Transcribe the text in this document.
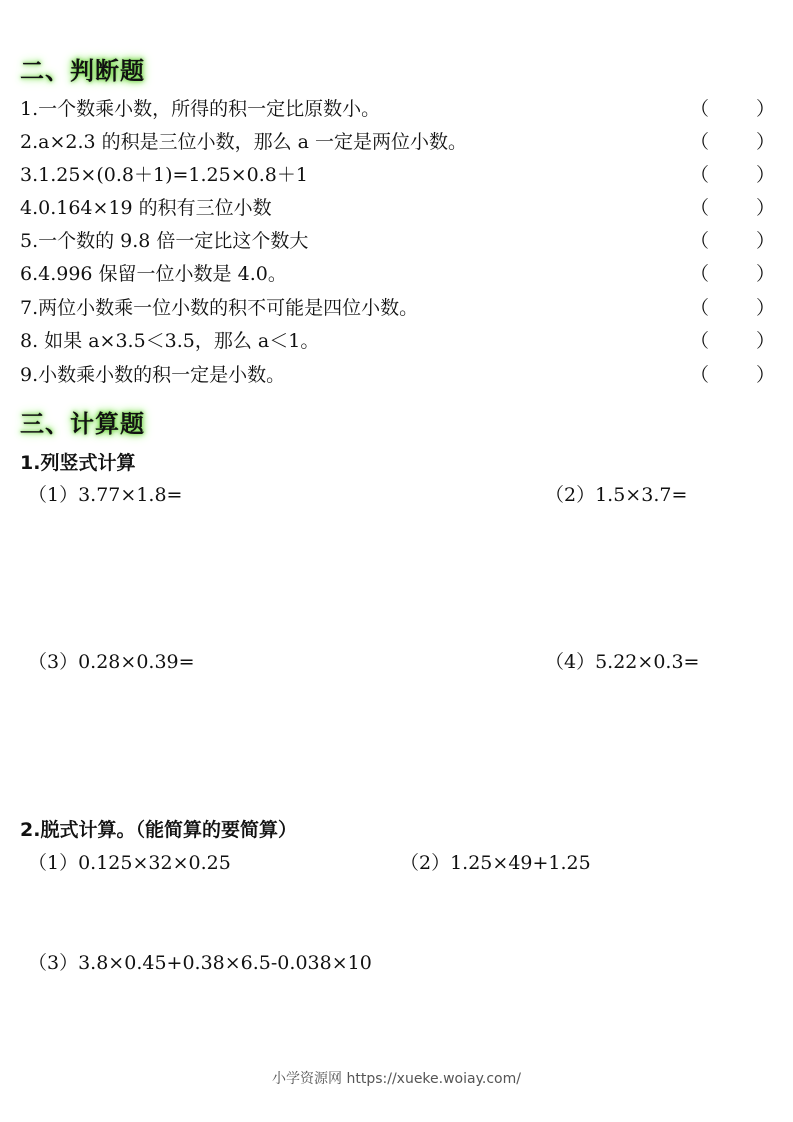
二、判断题
1.一个数乘小数，所得的积一定比原数小。	（ ）
2.a×2.3 的积是三位小数，那么 a 一定是两位小数。	（ ）
3.1.25×(0.8＋1)=1.25×0.8＋1	（ ）
4.0.164×19 的积有三位小数	（ ）
5.一个数的 9.8 倍一定比这个数大	（ ）
6.4.996 保留一位小数是 4.0。	（ ）
7.两位小数乘一位小数的积不可能是四位小数。	（ ）
8. 如果 a×3.5＜3.5，那么 a＜1。	（ ）
9.小数乘小数的积一定是小数。	（ ）
三、计算题
1.列竖式计算
（1）3.77×1.8=	（2）1.5×3.7=
（3）0.28×0.39=	（4）5.22×0.3=
2.脱式计算。（能简算的要简算）
（1）0.125×32×0.25	（2）1.25×49+1.25
（3）3.8×0.45+0.38×6.5-0.038×10
小学资源网 https://xueke.woiay.com/
